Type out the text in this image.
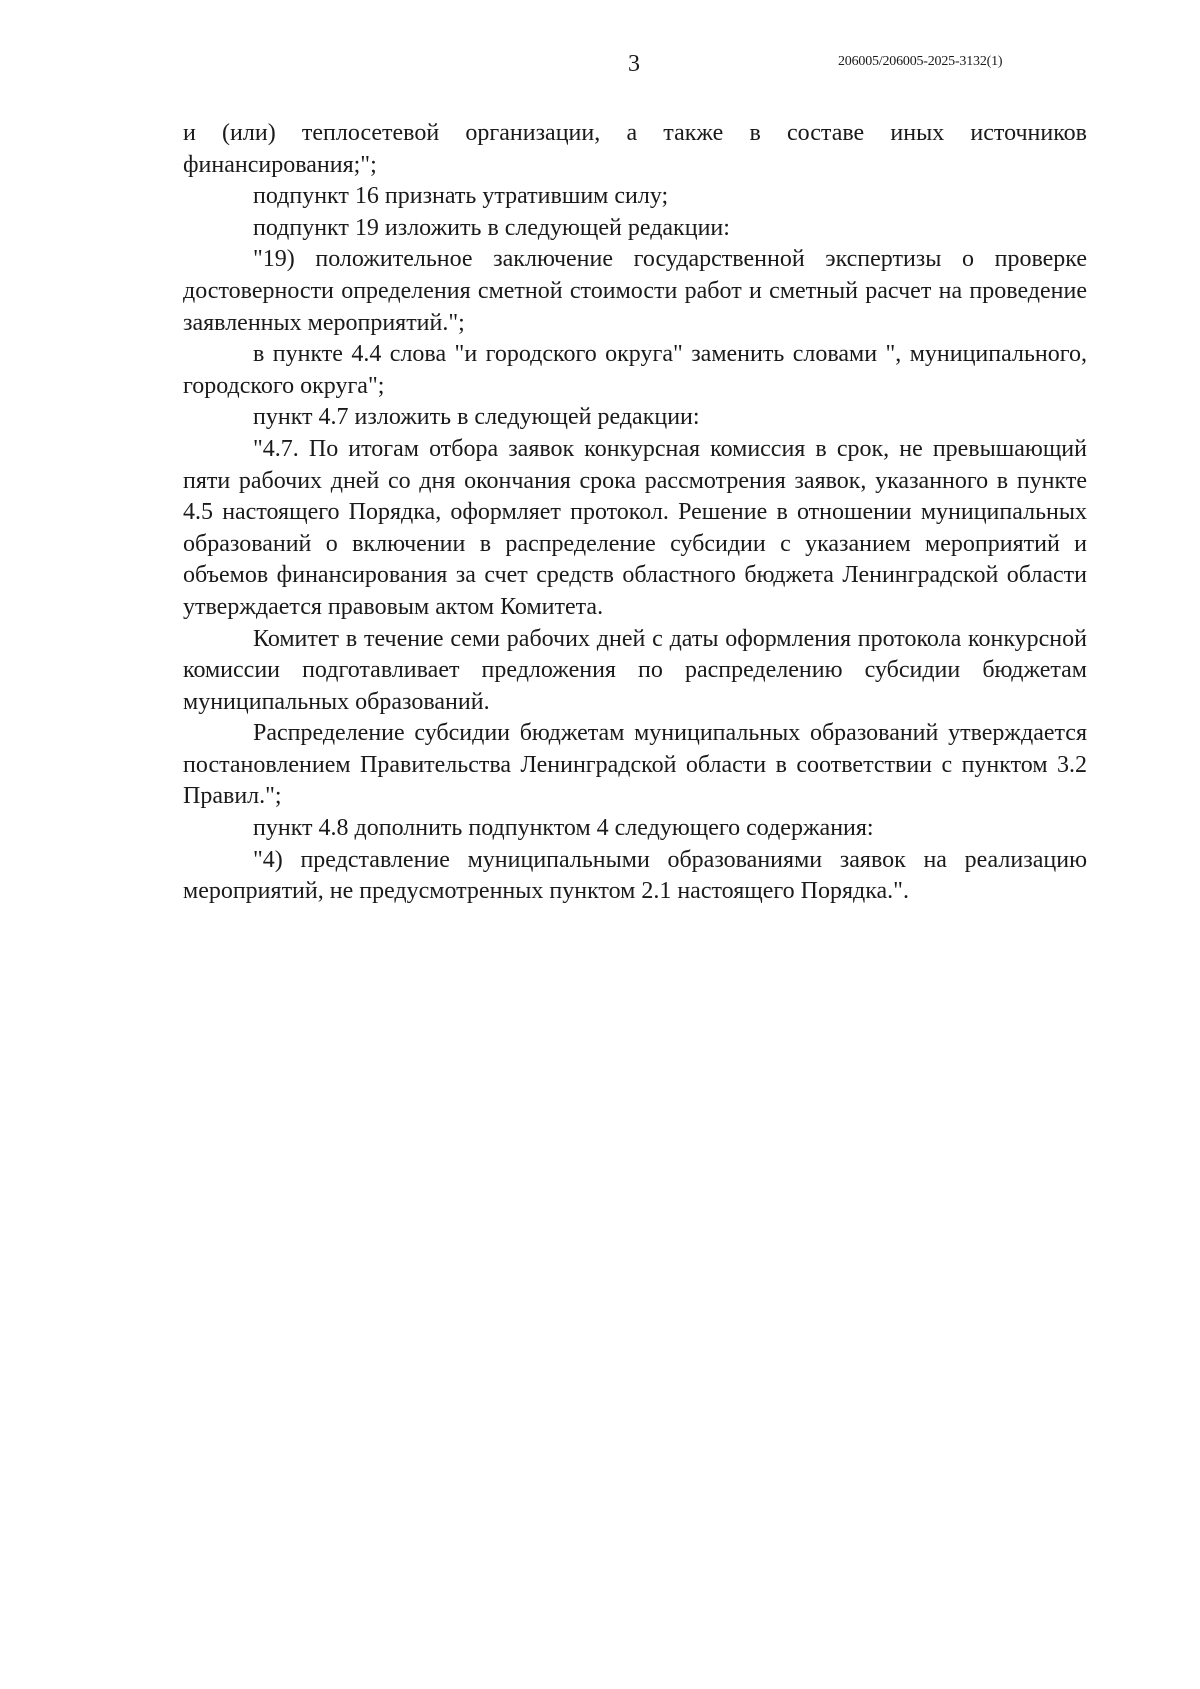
3	206005/206005-2025-3132(1)

и (или) теплосетевой организации, а также в составе иных источников финансирования;";

подпункт 16 признать утратившим силу;

подпункт 19 изложить в следующей редакции:

"19) положительное заключение государственной экспертизы о проверке достоверности определения сметной стоимости работ и сметный расчет на проведение заявленных мероприятий.";

в пункте 4.4 слова "и городского округа" заменить словами ", муниципального, городского округа";

пункт 4.7 изложить в следующей редакции:

"4.7. По итогам отбора заявок конкурсная комиссия в срок, не превышающий пяти рабочих дней со дня окончания срока рассмотрения заявок, указанного в пункте 4.5 настоящего Порядка, оформляет протокол. Решение в отношении муниципальных образований о включении в распределение субсидии с указанием мероприятий и объемов финансирования за счет средств областного бюджета Ленинградской области утверждается правовым актом Комитета.

Комитет в течение семи рабочих дней с даты оформления протокола конкурсной комиссии подготавливает предложения по распределению субсидии бюджетам муниципальных образований.

Распределение субсидии бюджетам муниципальных образований утверждается постановлением Правительства Ленинградской области в соответствии с пунктом 3.2 Правил.";

пункт 4.8 дополнить подпунктом 4 следующего содержания:

"4) представление муниципальными образованиями заявок на реализацию мероприятий, не предусмотренных пунктом 2.1 настоящего Порядка.".
